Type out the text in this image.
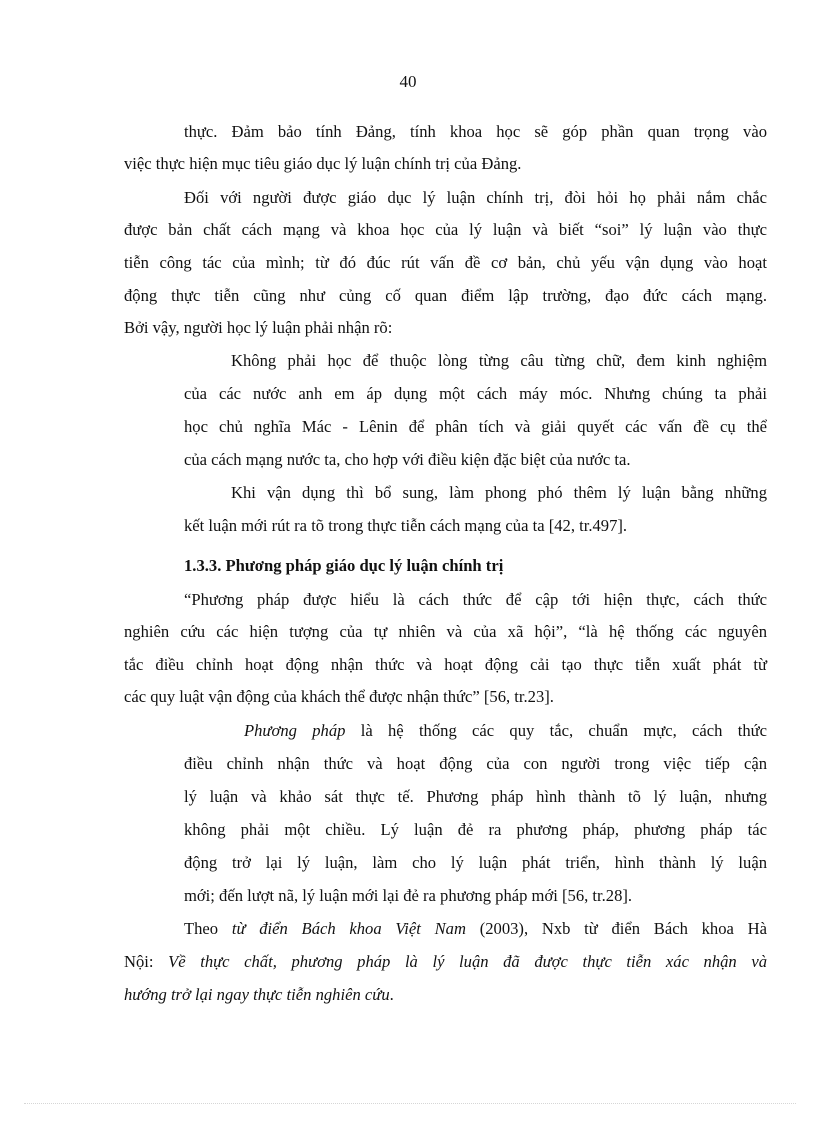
40
thực. Đảm bảo tính Đảng, tính khoa học sẽ góp phần quan trọng vào
việc thực hiện mục tiêu giáo dục lý luận chính trị của Đảng.
Đối với người được giáo dục lý luận chính trị, đòi hỏi họ phải nắm chắc
được bản chất cách mạng và khoa học của lý luận và biết “soi” lý luận vào thực
tiễn công tác của mình; từ đó đúc rút vấn đề cơ bản, chủ yếu vận dụng vào hoạt
động thực tiễn cũng như củng cố quan điểm lập trường, đạo đức cách mạng.
Bởi vậy, người học lý luận phải nhận rõ:
Không phải học để thuộc lòng từng câu từng chữ, đem kinh nghiệm
của các nước anh em áp dụng một cách máy móc. Nhưng chúng ta phải
học chủ nghĩa Mác - Lênin để phân tích và giải quyết các vấn đề cụ thể
của cách mạng nước ta, cho hợp với điều kiện đặc biệt của nước ta.
Khi vận dụng thì bổ sung, làm phong phó thêm lý luận bằng những
kết luận mới rút ra tõ trong thực tiễn cách mạng của ta [42, tr.497].
1.3.3. Phương pháp giáo dục lý luận chính trị
“Phương pháp được hiểu là cách thức để cập tới hiện thực, cách thức
nghiên cứu các hiện tượng của tự nhiên và của xã hội”, “là hệ thống các nguyên
tắc điều chỉnh hoạt động nhận thức và hoạt động cải tạo thực tiễn xuất phát từ
các quy luật vận động của khách thể được nhận thức” [56, tr.23].
Phương pháp là hệ thống các quy tắc, chuẩn mực, cách thức
điều chỉnh nhận thức và hoạt động của con người trong việc tiếp cận
lý luận và khảo sát thực tế. Phương pháp hình thành tõ lý luận, nhưng
không phải một chiều. Lý luận đẻ ra phương pháp, phương pháp tác
động trở lại lý luận, làm cho lý luận phát triển, hình thành lý luận
mới; đến lượt nã, lý luận mới lại đẻ ra phương pháp mới [56, tr.28].
Theo từ điển Bách khoa Việt Nam (2003), Nxb từ điển Bách khoa Hà
Nội: Về thực chất, phương pháp là lý luận đã được thực tiễn xác nhận và
hướng trở lại ngay thực tiễn nghiên cứu.
